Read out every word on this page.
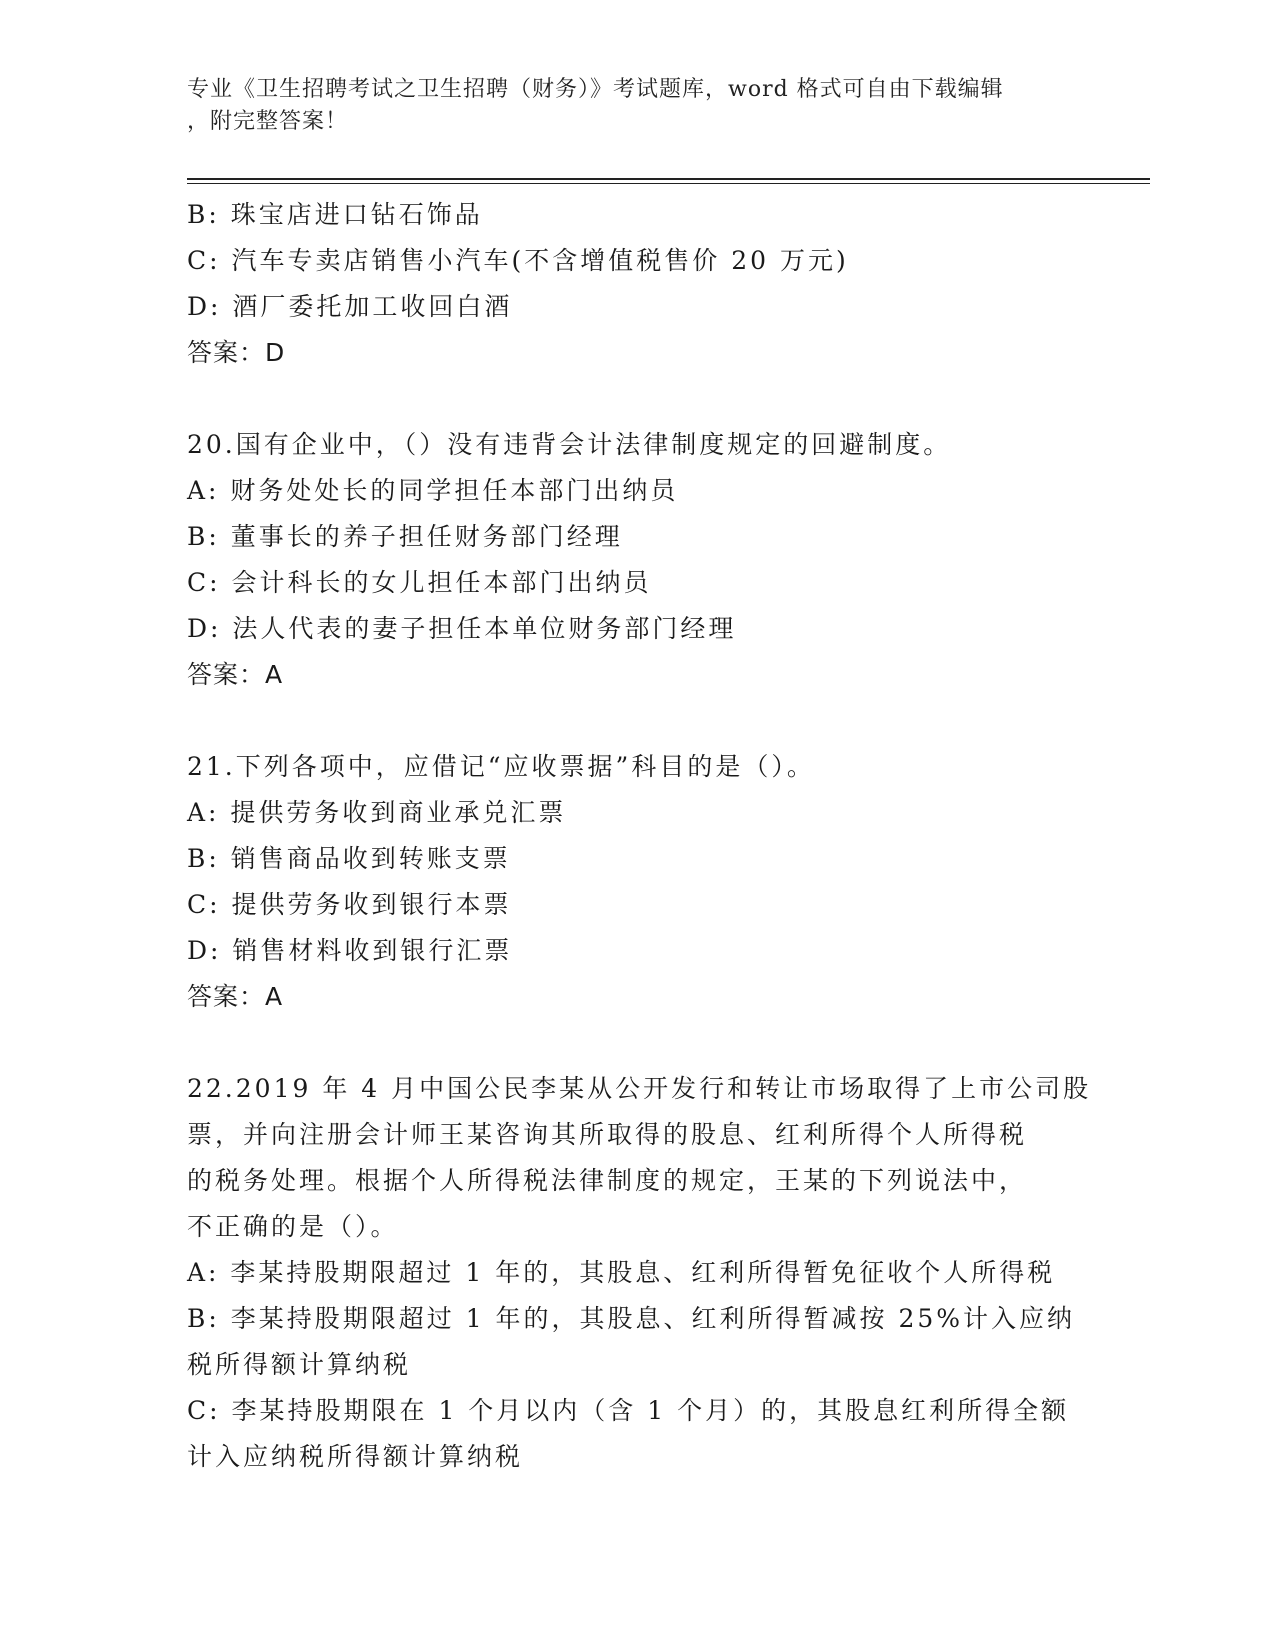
专业《卫生招聘考试之卫生招聘（财务）》考试题库，word 格式可自由下载编辑
，附完整答案！
B: 珠宝店进口钻石饰品
C: 汽车专卖店销售小汽车(不含增值税售价 20 万元)
D: 酒厂委托加工收回白酒
答案：D
20.国有企业中，（）没有违背会计法律制度规定的回避制度。
A: 财务处处长的同学担任本部门出纳员
B: 董事长的养子担任财务部门经理
C: 会计科长的女儿担任本部门出纳员
D: 法人代表的妻子担任本单位财务部门经理
答案：A
21.下列各项中，应借记“应收票据”科目的是（）。
A: 提供劳务收到商业承兑汇票
B: 销售商品收到转账支票
C: 提供劳务收到银行本票
D: 销售材料收到银行汇票
答案：A
22.2019 年 4 月中国公民李某从公开发行和转让市场取得了上市公司股
票，并向注册会计师王某咨询其所取得的股息、红利所得个人所得税
的税务处理。根据个人所得税法律制度的规定，王某的下列说法中，
不正确的是（）。
A: 李某持股期限超过 1 年的，其股息、红利所得暂免征收个人所得税
B: 李某持股期限超过 1 年的，其股息、红利所得暂减按 25%计入应纳
税所得额计算纳税
C: 李某持股期限在 1 个月以内（含 1 个月）的，其股息红利所得全额
计入应纳税所得额计算纳税
